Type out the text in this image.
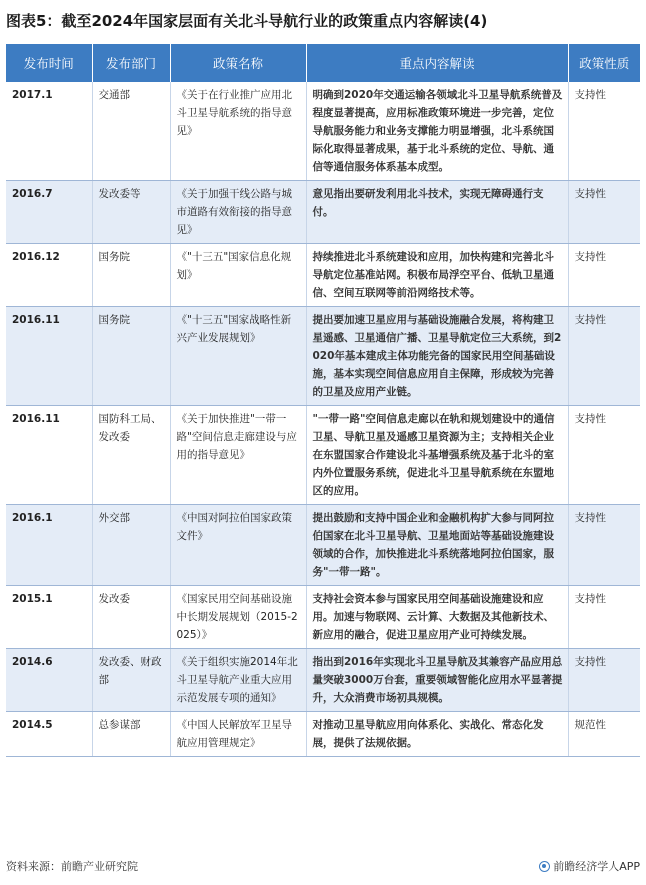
图表5：截至2024年国家层面有关北斗导航行业的政策重点内容解读(4)
发布时间	发布部门	政策名称	重点内容解读	政策性质
2017.1	交通部	《关于在行业推广应用北斗卫星导航系统的指导意见》	明确到2020年交通运输各领域北斗卫星导航系统普及程度显著提高，应用标准政策环境进一步完善，定位导航服务能力和业务支撑能力明显增强，北斗系统国际化取得显著成果，基于北斗系统的定位、导航、通信等通信服务体系基本成型。	支持性
2016.7	发改委等	《关于加强干线公路与城市道路有效衔接的指导意见》	意见指出要研发利用北斗技术，实现无障碍通行支付。	支持性
2016.12	国务院	《"十三五"国家信息化规划》	持续推进北斗系统建设和应用，加快构建和完善北斗导航定位基准站网。积极布局浮空平台、低轨卫星通信、空间互联网等前沿网络技术等。	支持性
2016.11	国务院	《"十三五"国家战略性新兴产业发展规划》	提出要加速卫星应用与基础设施融合发展，将构建卫星遥感、卫星通信广播、卫星导航定位三大系统，到2020年基本建成主体功能完备的国家民用空间基础设施，基本实现空间信息应用自主保障，形成较为完善的卫星及应用产业链。	支持性
2016.11	国防科工局、发改委	《关于加快推进"一带一路"空间信息走廊建设与应用的指导意见》	"一带一路"空间信息走廊以在轨和规划建设中的通信卫星、导航卫星及遥感卫星资源为主；支持相关企业在东盟国家合作建设北斗基增强系统及基于北斗的室内外位置服务系统，促进北斗卫星导航系统在东盟地区的应用。	支持性
2016.1	外交部	《中国对阿拉伯国家政策文件》	提出鼓励和支持中国企业和金融机构扩大参与同阿拉伯国家在北斗卫星导航、卫星地面站等基础设施建设领域的合作，加快推进北斗系统落地阿拉伯国家，服务"一带一路"。	支持性
2015.1	发改委	《国家民用空间基础设施中长期发展规划（2015-2025）》	支持社会资本参与国家民用空间基础设施建设和应用。加速与物联网、云计算、大数据及其他新技术、新应用的融合，促进卫星应用产业可持续发展。	支持性
2014.6	发改委、财政部	《关于组织实施2014年北斗卫星导航产业重大应用示范发展专项的通知》	指出到2016年实现北斗卫星导航及其兼容产品应用总量突破3000万台套，重要领域智能化应用水平显著提升，大众消费市场初具规模。	支持性
2014.5	总参谋部	《中国人民解放军卫星导航应用管理规定》	对推动卫星导航应用向体系化、实战化、常态化发展，提供了法规依据。	规范性
资料来源：前瞻产业研究院	前瞻经济学人APP
